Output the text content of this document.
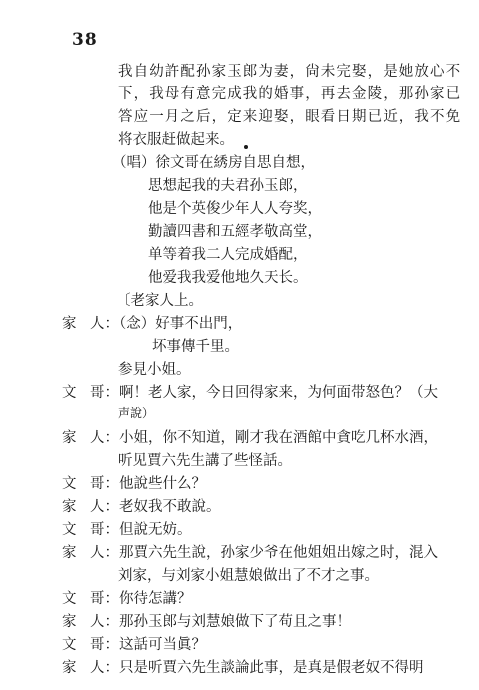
38
我自幼許配孙家玉郎为妻，尙未完娶，是她放心不
下，我母有意完成我的婚事，再去金陵，那孙家已
答应一月之后，定来迎娶，眼看日期已近，我不免
将衣服赶做起来。
（唱）徐文哥在綉房自思自想，
思想起我的夫君孙玉郎，
他是个英俊少年人人夸奖，
勤讀四書和五經孝敬高堂，
单等着我二人完成婚配，
他爱我我爱他地久天长。
〔老家人上。
家 人：（念）好事不出門，
坏事傳千里。
参見小姐。
文 哥：啊！老人家，今日回得家来，为何面带怒色？（大
声說）
家 人：小姐，你不知道，剛才我在酒館中貪吃几杯水酒，
听见賈六先生講了些怪話。
文 哥：他說些什么？
家 人：老奴我不敢說。
文 哥：但說无妨。
家 人：那賈六先生說，孙家少爷在他姐姐出嫁之时，混入
刘家，与刘家小姐慧娘做出了不才之事。
文 哥：你待怎講？
家 人：那孙玉郎与刘慧娘做下了苟且之事！
文 哥：这話可当眞？
家 人：只是听賈六先生談論此事，是真是假老奴不得明
